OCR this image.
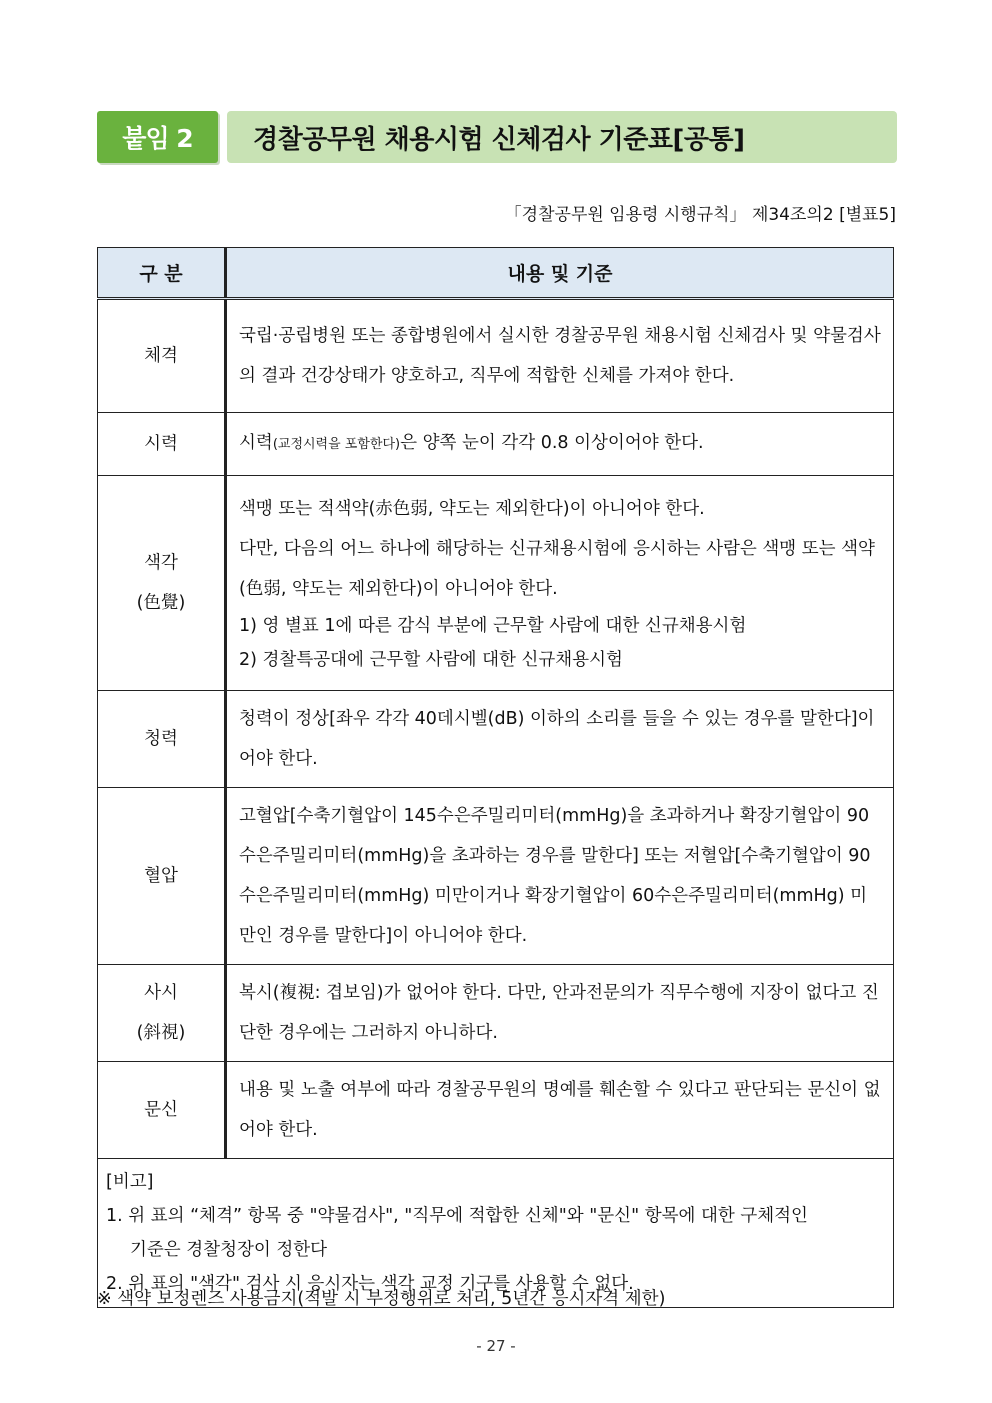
붙임 2	경찰공무원 채용시험 신체검사 기준표[공통]
「경찰공무원 임용령 시행규칙」 제34조의2 [별표5]
구 분	내용 및 기준
체격	국립·공립병원 또는 종합병원에서 실시한 경찰공무원 채용시험 신체검사 및 약물검사의 결과 건강상태가 양호하고, 직무에 적합한 신체를 가져야 한다.
시력	시력(교정시력을 포함한다)은 양쪽 눈이 각각 0.8 이상이어야 한다.

색각
(色覺)	색맹 또는 적색약(赤色弱, 약도는 제외한다)이 아니어야 한다.
다만, 다음의 어느 하나에 해당하는 신규채용시험에 응시하는 사람은 색맹 또는 색약(色弱, 약도는 제외한다)이 아니어야 한다.
1) 영 별표 1에 따른 감식 부분에 근무할 사람에 대한 신규채용시험
2) 경찰특공대에 근무할 사람에 대한 신규채용시험

청력	청력이 정상[좌우 각각 40데시벨(dB) 이하의 소리를 들을 수 있는 경우를 말한다]이어야 한다.
혈압	고혈압[수축기혈압이 145수은주밀리미터(mmHg)을 초과하거나 확장기혈압이 90수은주밀리미터(mmHg)을 초과하는 경우를 말한다] 또는 저혈압[수축기혈압이 90수은주밀리미터(mmHg) 미만이거나 확장기혈압이 60수은주밀리미터(mmHg) 미만인 경우를 말한다]이 아니어야 한다.

사시
(斜視)	복시(複視: 겹보임)가 없어야 한다. 다만, 안과전문의가 직무수행에 지장이 없다고 진단한 경우에는 그러하지 아니하다.
문신	내용 및 노출 여부에 따라 경찰공무원의 명예를 훼손할 수 있다고 판단되는 문신이 없어야 한다.

[비고]
1. 위 표의 “체격” 항목 중 "약물검사", "직무에 적합한 신체"와 "문신" 항목에 대한 구체적인
기준은 경찰청장이 정한다
2. 위 표의 "색각" 검사 시 응시자는 색각 교정 기구를 사용할 수 없다.	
※ 색약 보정렌즈 사용금지(적발 시 부정행위로 처리, 5년간 응시자격 제한)
- 27 -
